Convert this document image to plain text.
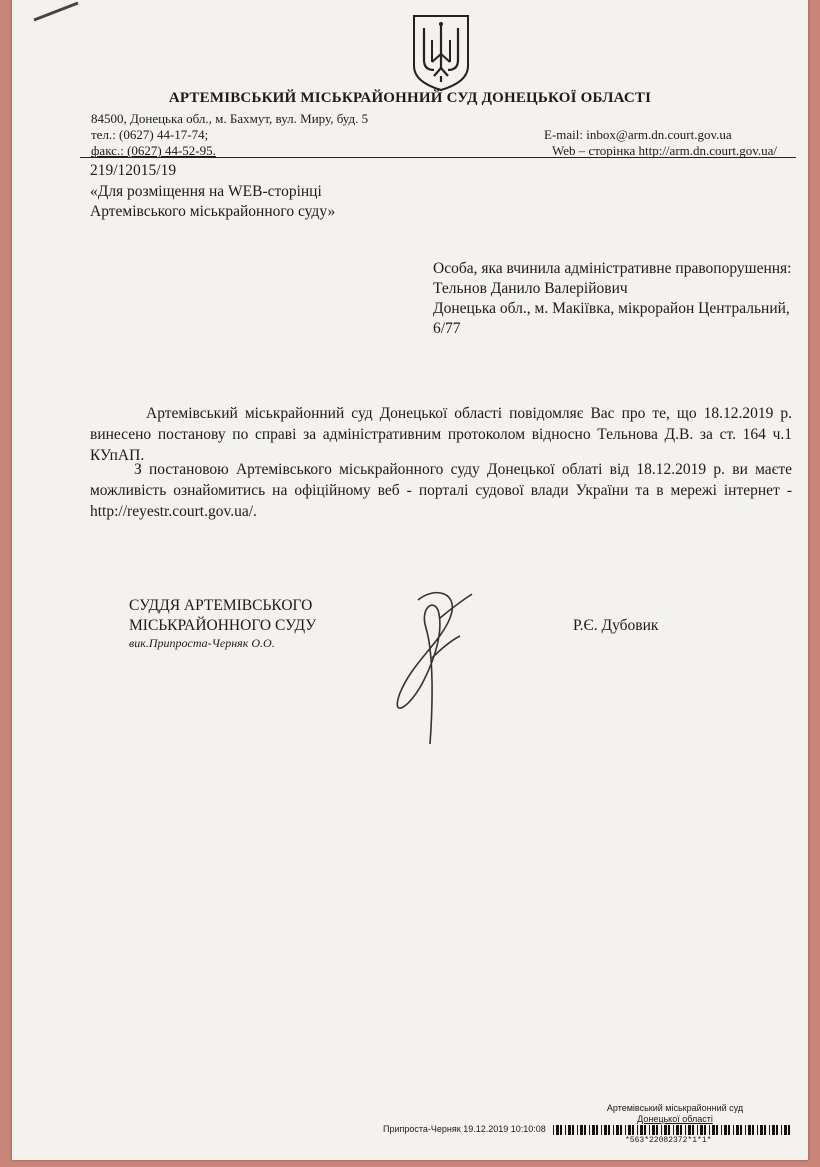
АРТЕМІВСЬКИЙ МІСЬКРАЙОННИЙ СУД ДОНЕЦЬКОЇ ОБЛАСТІ
84500, Донецька обл., м. Бахмут, вул. Миру, буд. 5
тел.: (0627) 44-17-74;
факс.: (0627) 44-52-95.
E-mail: inbox@arm.dn.court.gov.ua
Web – сторінка http://arm.dn.court.gov.ua/
219/12015/19
«Для розміщення на WEB-сторінці
Артемівського міськрайонного суду»
Особа, яка вчинила адміністративне правопорушення:
Тельнов Данило Валерійович
Донецька обл., м. Макіївка, мікрорайон Центральний,
6/77
Артемівський міськрайонний суд Донецької області повідомляє Вас про те, що 18.12.2019 р. винесено постанову по справі за адміністративним протоколом відносно Тельнова Д.В. за ст. 164 ч.1 КУпАП.
З постановою Артемівського міськрайонного суду Донецької облаті від 18.12.2019 р. ви маєте можливість ознайомитись на офіційному веб - порталі судової влади України та в мережі інтернет - http://reyestr.court.gov.ua/.
СУДДЯ АРТЕМІВСЬКОГО
МІСЬКРАЙОННОГО СУДУ
вик.Припроста-Черняк О.О.
Р.Є. Дубовик
Артемівський міськрайонний суд
Донецької області
Припроста-Черняк 19.12.2019 10:10:08
*563*22082372*1*1*
